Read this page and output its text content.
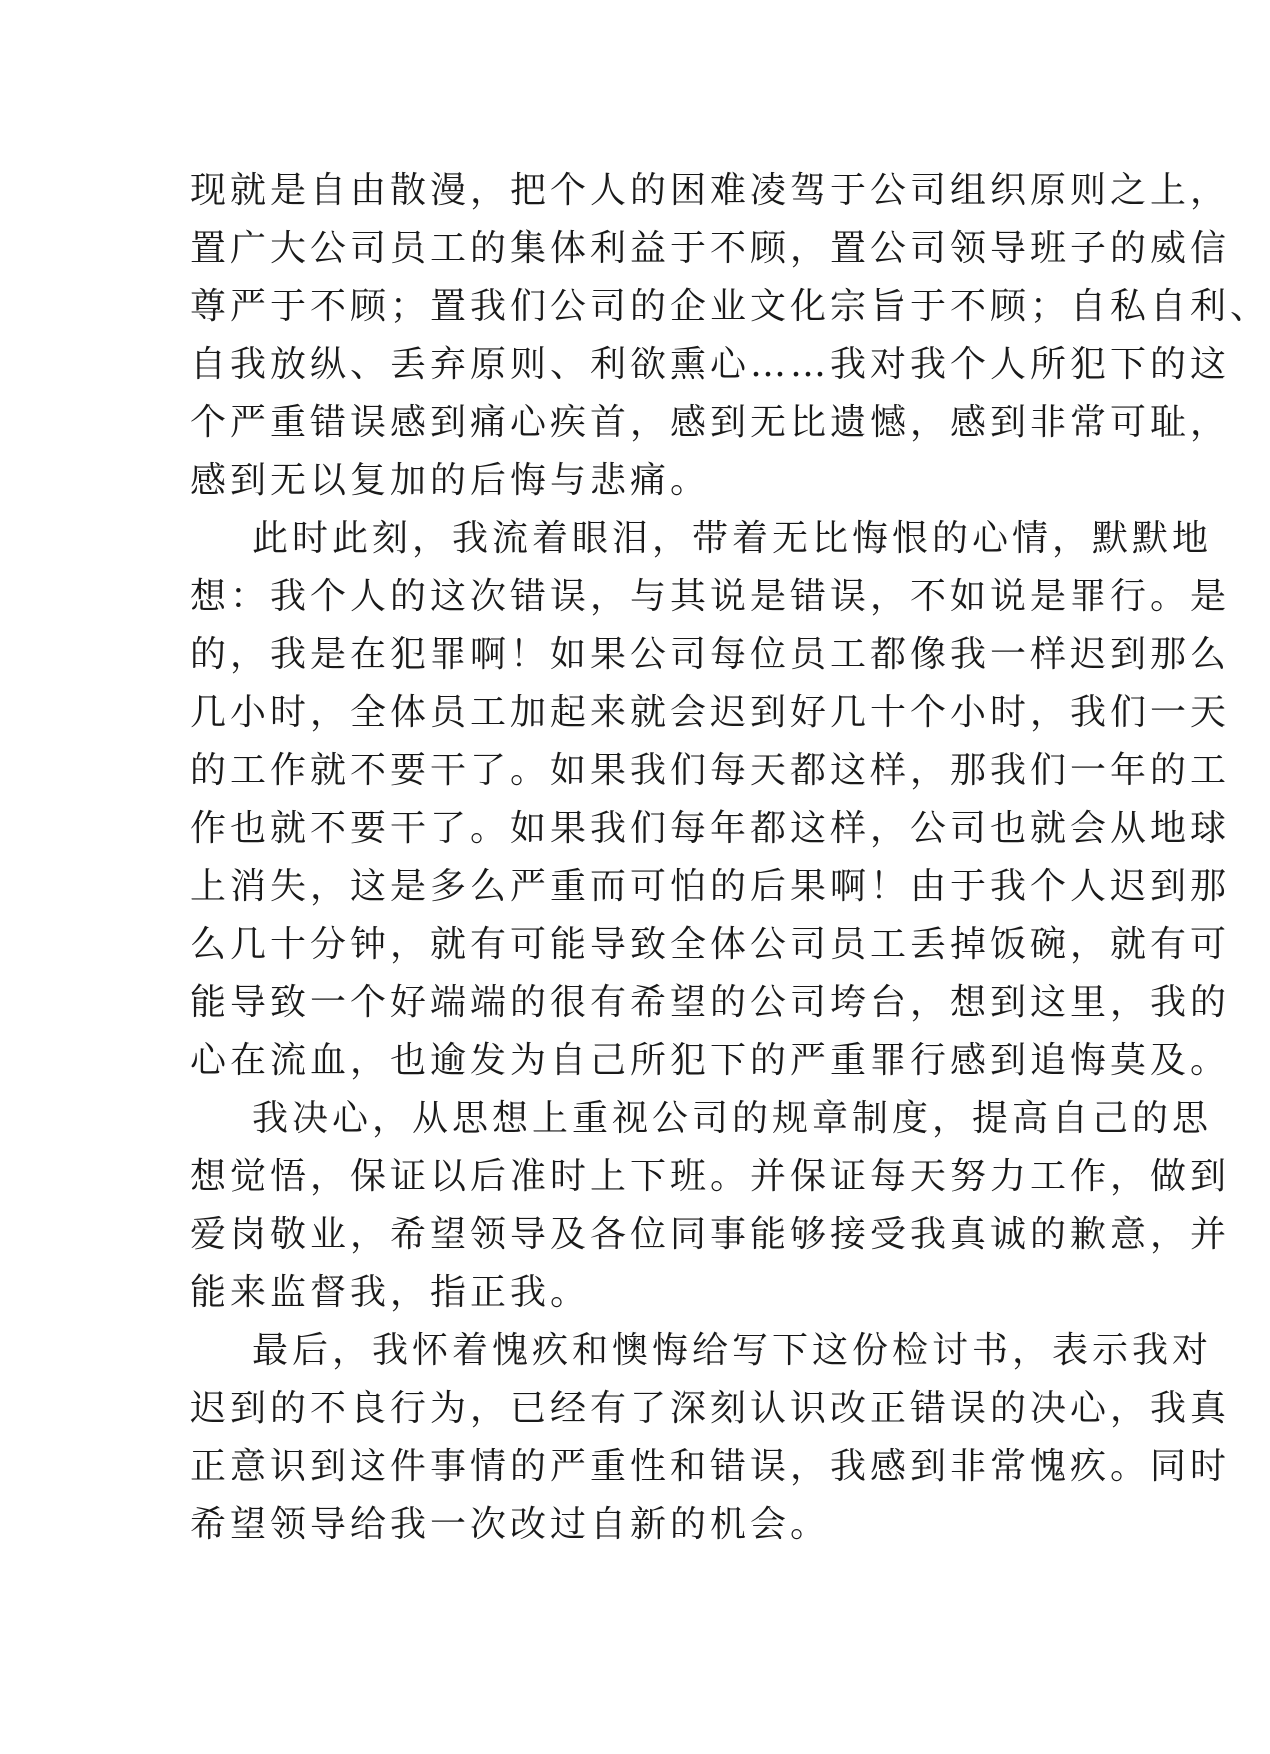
现就是自由散漫，把个人的困难凌驾于公司组织原则之上，
置广大公司员工的集体利益于不顾，置公司领导班子的威信
尊严于不顾；置我们公司的企业文化宗旨于不顾；自私自利、
自我放纵、丢弃原则、利欲熏心……我对我个人所犯下的这
个严重错误感到痛心疾首，感到无比遗憾，感到非常可耻，
感到无以复加的后悔与悲痛。
此时此刻，我流着眼泪，带着无比悔恨的心情，默默地
想：我个人的这次错误，与其说是错误，不如说是罪行。是
的，我是在犯罪啊！如果公司每位员工都像我一样迟到那么
几小时，全体员工加起来就会迟到好几十个小时，我们一天
的工作就不要干了。如果我们每天都这样，那我们一年的工
作也就不要干了。如果我们每年都这样，公司也就会从地球
上消失，这是多么严重而可怕的后果啊！由于我个人迟到那
么几十分钟，就有可能导致全体公司员工丢掉饭碗，就有可
能导致一个好端端的很有希望的公司垮台，想到这里，我的
心在流血，也逾发为自己所犯下的严重罪行感到追悔莫及。
我决心，从思想上重视公司的规章制度，提高自己的思
想觉悟，保证以后准时上下班。并保证每天努力工作，做到
爱岗敬业，希望领导及各位同事能够接受我真诚的歉意，并
能来监督我，指正我。
最后，我怀着愧疚和懊悔给写下这份检讨书，表示我对
迟到的不良行为，已经有了深刻认识改正错误的决心，我真
正意识到这件事情的严重性和错误，我感到非常愧疚。同时
希望领导给我一次改过自新的机会。
